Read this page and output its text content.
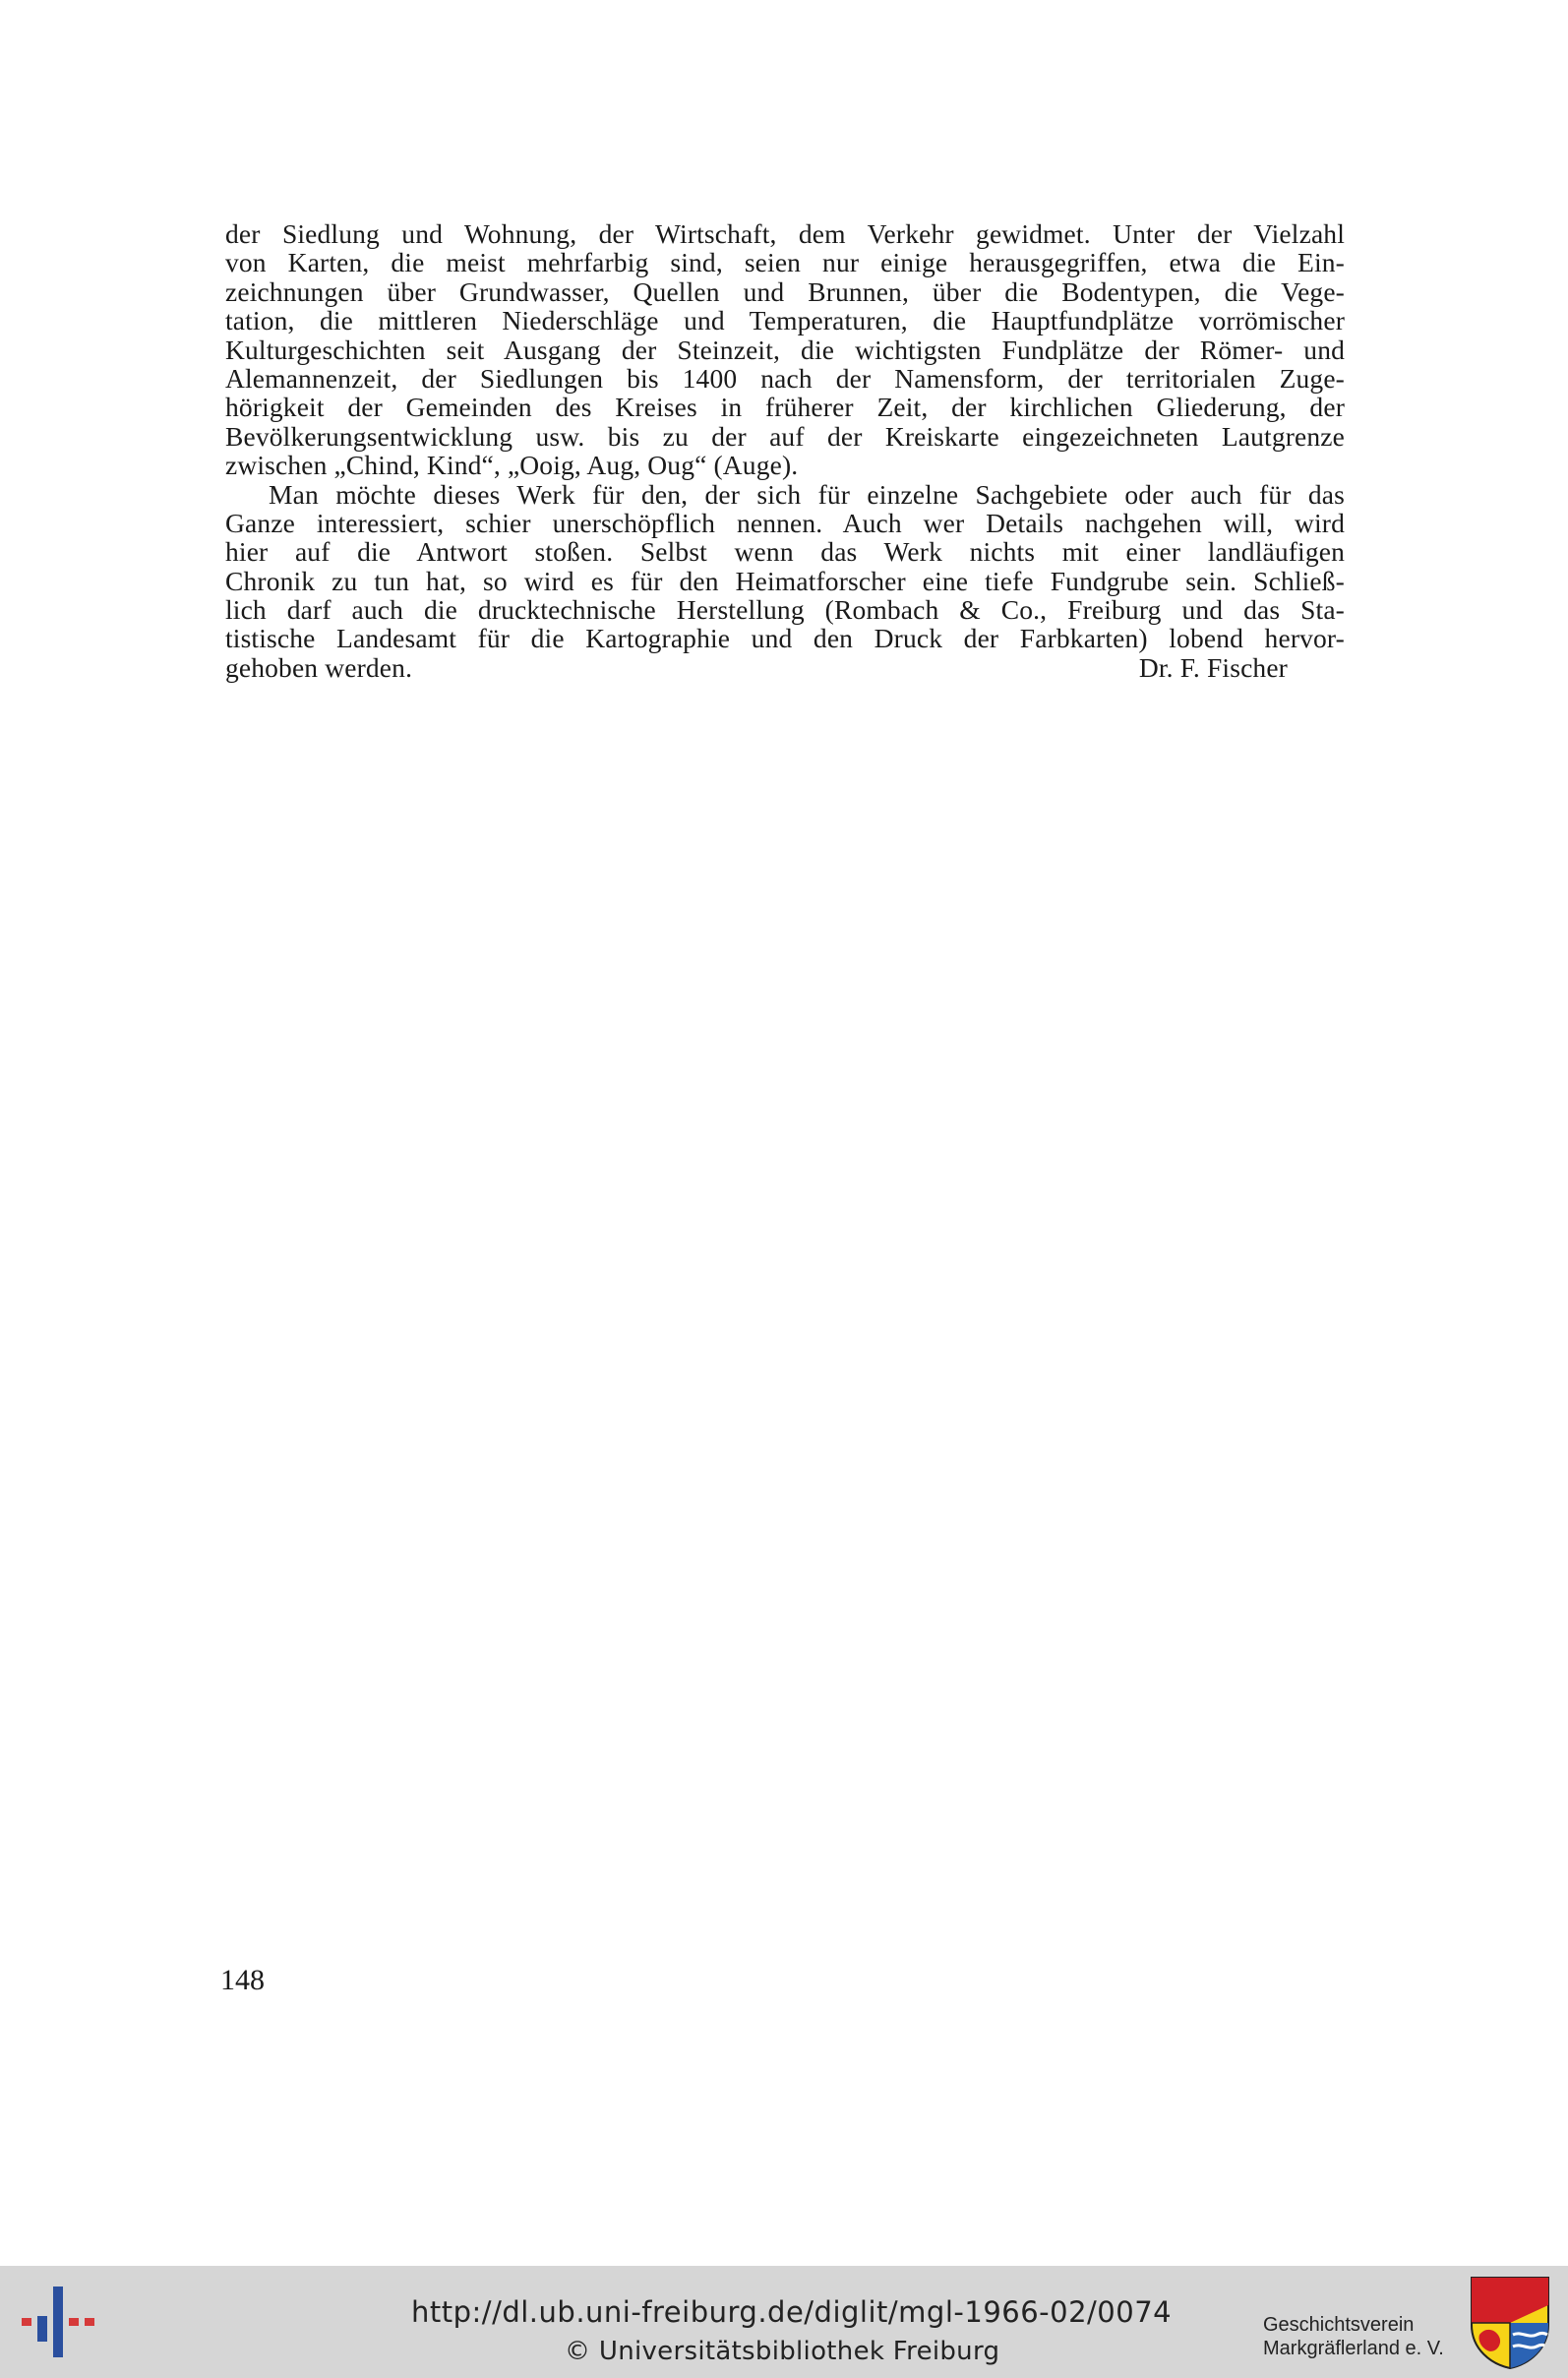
der Siedlung und Wohnung, der Wirtschaft, dem Verkehr gewidmet. Unter der Vielzahl
von Karten, die meist mehrfarbig sind, seien nur einige herausgegriffen, etwa die Ein-
zeichnungen über Grundwasser, Quellen und Brunnen, über die Bodentypen, die Vege-
tation, die mittleren Niederschläge und Temperaturen, die Hauptfundplätze vorrömischer
Kulturgeschichten seit Ausgang der Steinzeit, die wichtigsten Fundplätze der Römer- und
Alemannenzeit, der Siedlungen bis 1400 nach der Namensform, der territorialen Zuge-
hörigkeit der Gemeinden des Kreises in früherer Zeit, der kirchlichen Gliederung, der
Bevölkerungsentwicklung usw. bis zu der auf der Kreiskarte eingezeichneten Lautgrenze
zwischen „Chind, Kind“, „Ooig, Aug, Oug“ (Auge).
Man möchte dieses Werk für den, der sich für einzelne Sachgebiete oder auch für das
Ganze interessiert, schier unerschöpflich nennen. Auch wer Details nachgehen will, wird
hier auf die Antwort stoßen. Selbst wenn das Werk nichts mit einer landläufigen
Chronik zu tun hat, so wird es für den Heimatforscher eine tiefe Fundgrube sein. Schließ-
lich darf auch die drucktechnische Herstellung (Rombach & Co., Freiburg und das Sta-
tistische Landesamt für die Kartographie und den Druck der Farbkarten) lobend hervor-
gehoben werden.	Dr. F. Fischer
148
http://dl.ub.uni-freiburg.de/diglit/mgl-1966-02/0074
© Universitätsbibliothek Freiburg
Geschichtsverein
Markgräflerland e. V.
